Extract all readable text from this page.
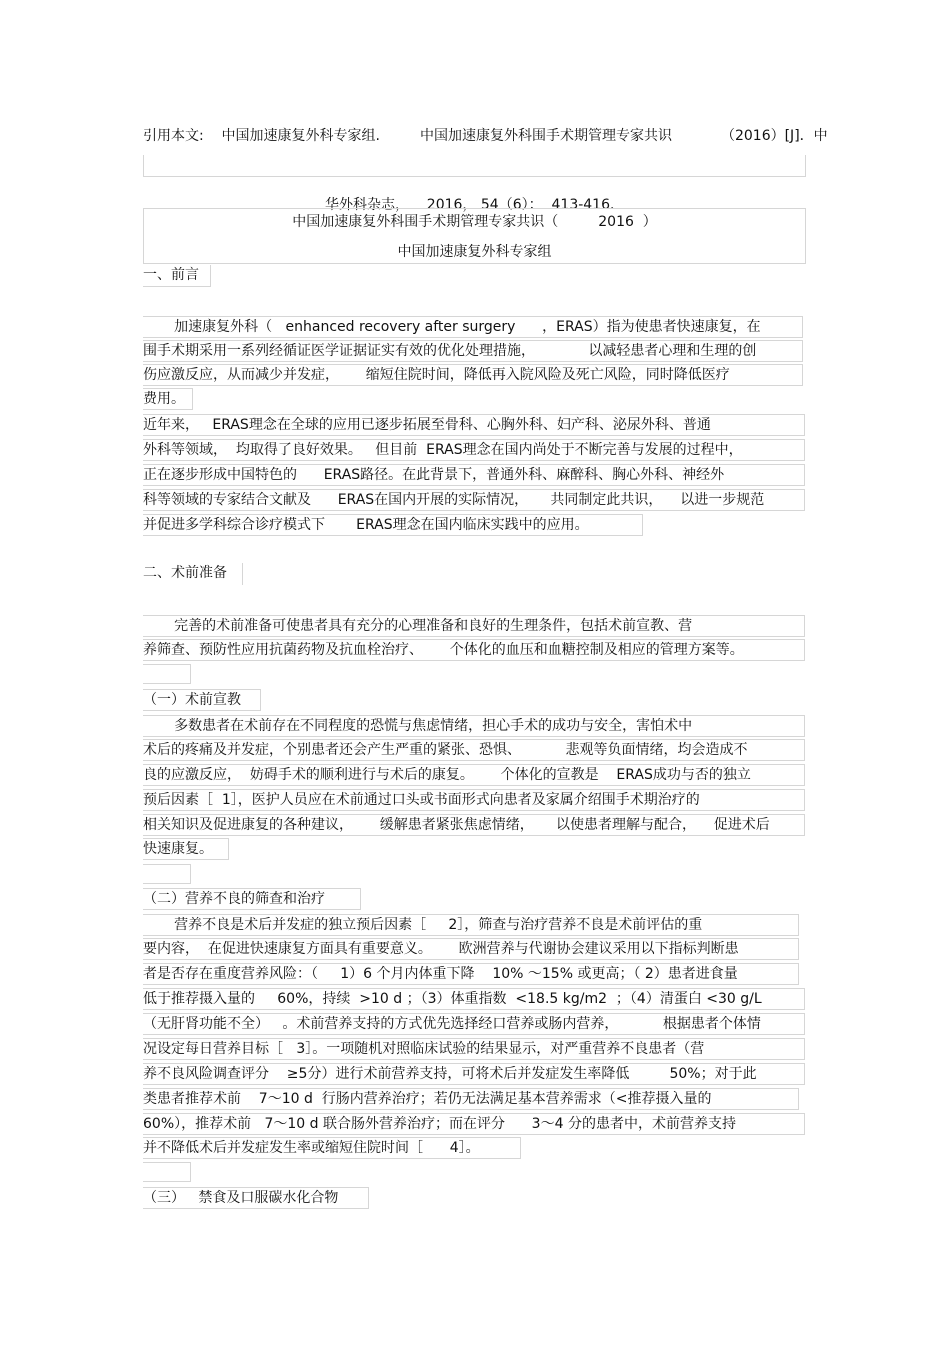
引用本文:    中国加速康复外科专家组.         中国加速康复外科围手术期管理专家共识           （2016）[J]．中

华外科杂志，    2016， 54（6）：  413-416．

中国加速康复外科围手术期管理专家共识（         2016  ）
中国加速康复外科专家组
一、前言
加速康复外科（   enhanced recovery after surgery      ，ERAS）指为使患者快速康复，在
围手术期采用一系列经循证医学证据证实有效的优化处理措施，            以减轻患者心理和生理的创
伤应激反应，从而减少并发症，      缩短住院时间，降低再入院风险及死亡风险，同时降低医疗
费用。
近年来，   ERAS理念在全球的应用已逐步拓展至骨科、心胸外科、妇产科、泌尿外科、普通
外科等领域，  均取得了良好效果。   但目前  ERAS理念在国内尚处于不断完善与发展的过程中，
正在逐步形成中国特色的      ERAS路径。在此背景下，普通外科、麻醉科、胸心外科、神经外
科等领域的专家结合文献及      ERAS在国内开展的实际情况，     共同制定此共识，    以进一步规范
并促进多学科综合诊疗模式下       ERAS理念在国内临床实践中的应用。
二、术前准备
完善的术前准备可使患者具有充分的心理准备和良好的生理条件，包括术前宣教、营
养筛查、预防性应用抗菌药物及抗血栓治疗、      个体化的血压和血糖控制及相应的管理方案等。
（一）术前宣教
多数患者在术前存在不同程度的恐慌与焦虑情绪，担心手术的成功与安全，害怕术中
术后的疼痛及并发症，个别患者还会产生严重的紧张、恐惧、          悲观等负面情绪，均会造成不
良的应激反应，  妨碍手术的顺利进行与术后的康复。      个体化的宣教是    ERAS成功与否的独立
预后因素［  1］，医护人员应在术前通过口头或书面形式向患者及家属介绍围手术期治疗的
相关知识及促进康复的各种建议，      缓解患者紧张焦虑情绪，     以使患者理解与配合，    促进术后
快速康复。
（二）营养不良的筛查和治疗
营养不良是术后并发症的独立预后因素［     2］，筛查与治疗营养不良是术前评估的重
要内容，  在促进快速康复方面具有重要意义。      欧洲营养与代谢协会建议采用以下指标判断患
者是否存在重度营养风险：（     1）6 个月内体重下降    10% ～15% 或更高；（ 2）患者进食量
低于推荐摄入量的     60%，持续  >10 d ；（3）体重指数  <18.5 kg/m2  ；（4）清蛋白 <30 g/L
（无肝肾功能不全）   。术前营养支持的方式优先选择经口营养或肠内营养，          根据患者个体情
况设定每日营养目标［   3］。一项随机对照临床试验的结果显示，对严重营养不良患者（营
养不良风险调查评分    ≥5分）进行术前营养支持，可将术后并发症发生率降低         50%；对于此
类患者推荐术前    7～10 d  行肠内营养治疗；若仍无法满足基本营养需求（<推荐摄入量的
60%），推荐术前   7～10 d 联合肠外营养治疗；而在评分      3～4 分的患者中，术前营养支持
并不降低术后并发症发生率或缩短住院时间［      4］。
（三）   禁食及口服碳水化合物
